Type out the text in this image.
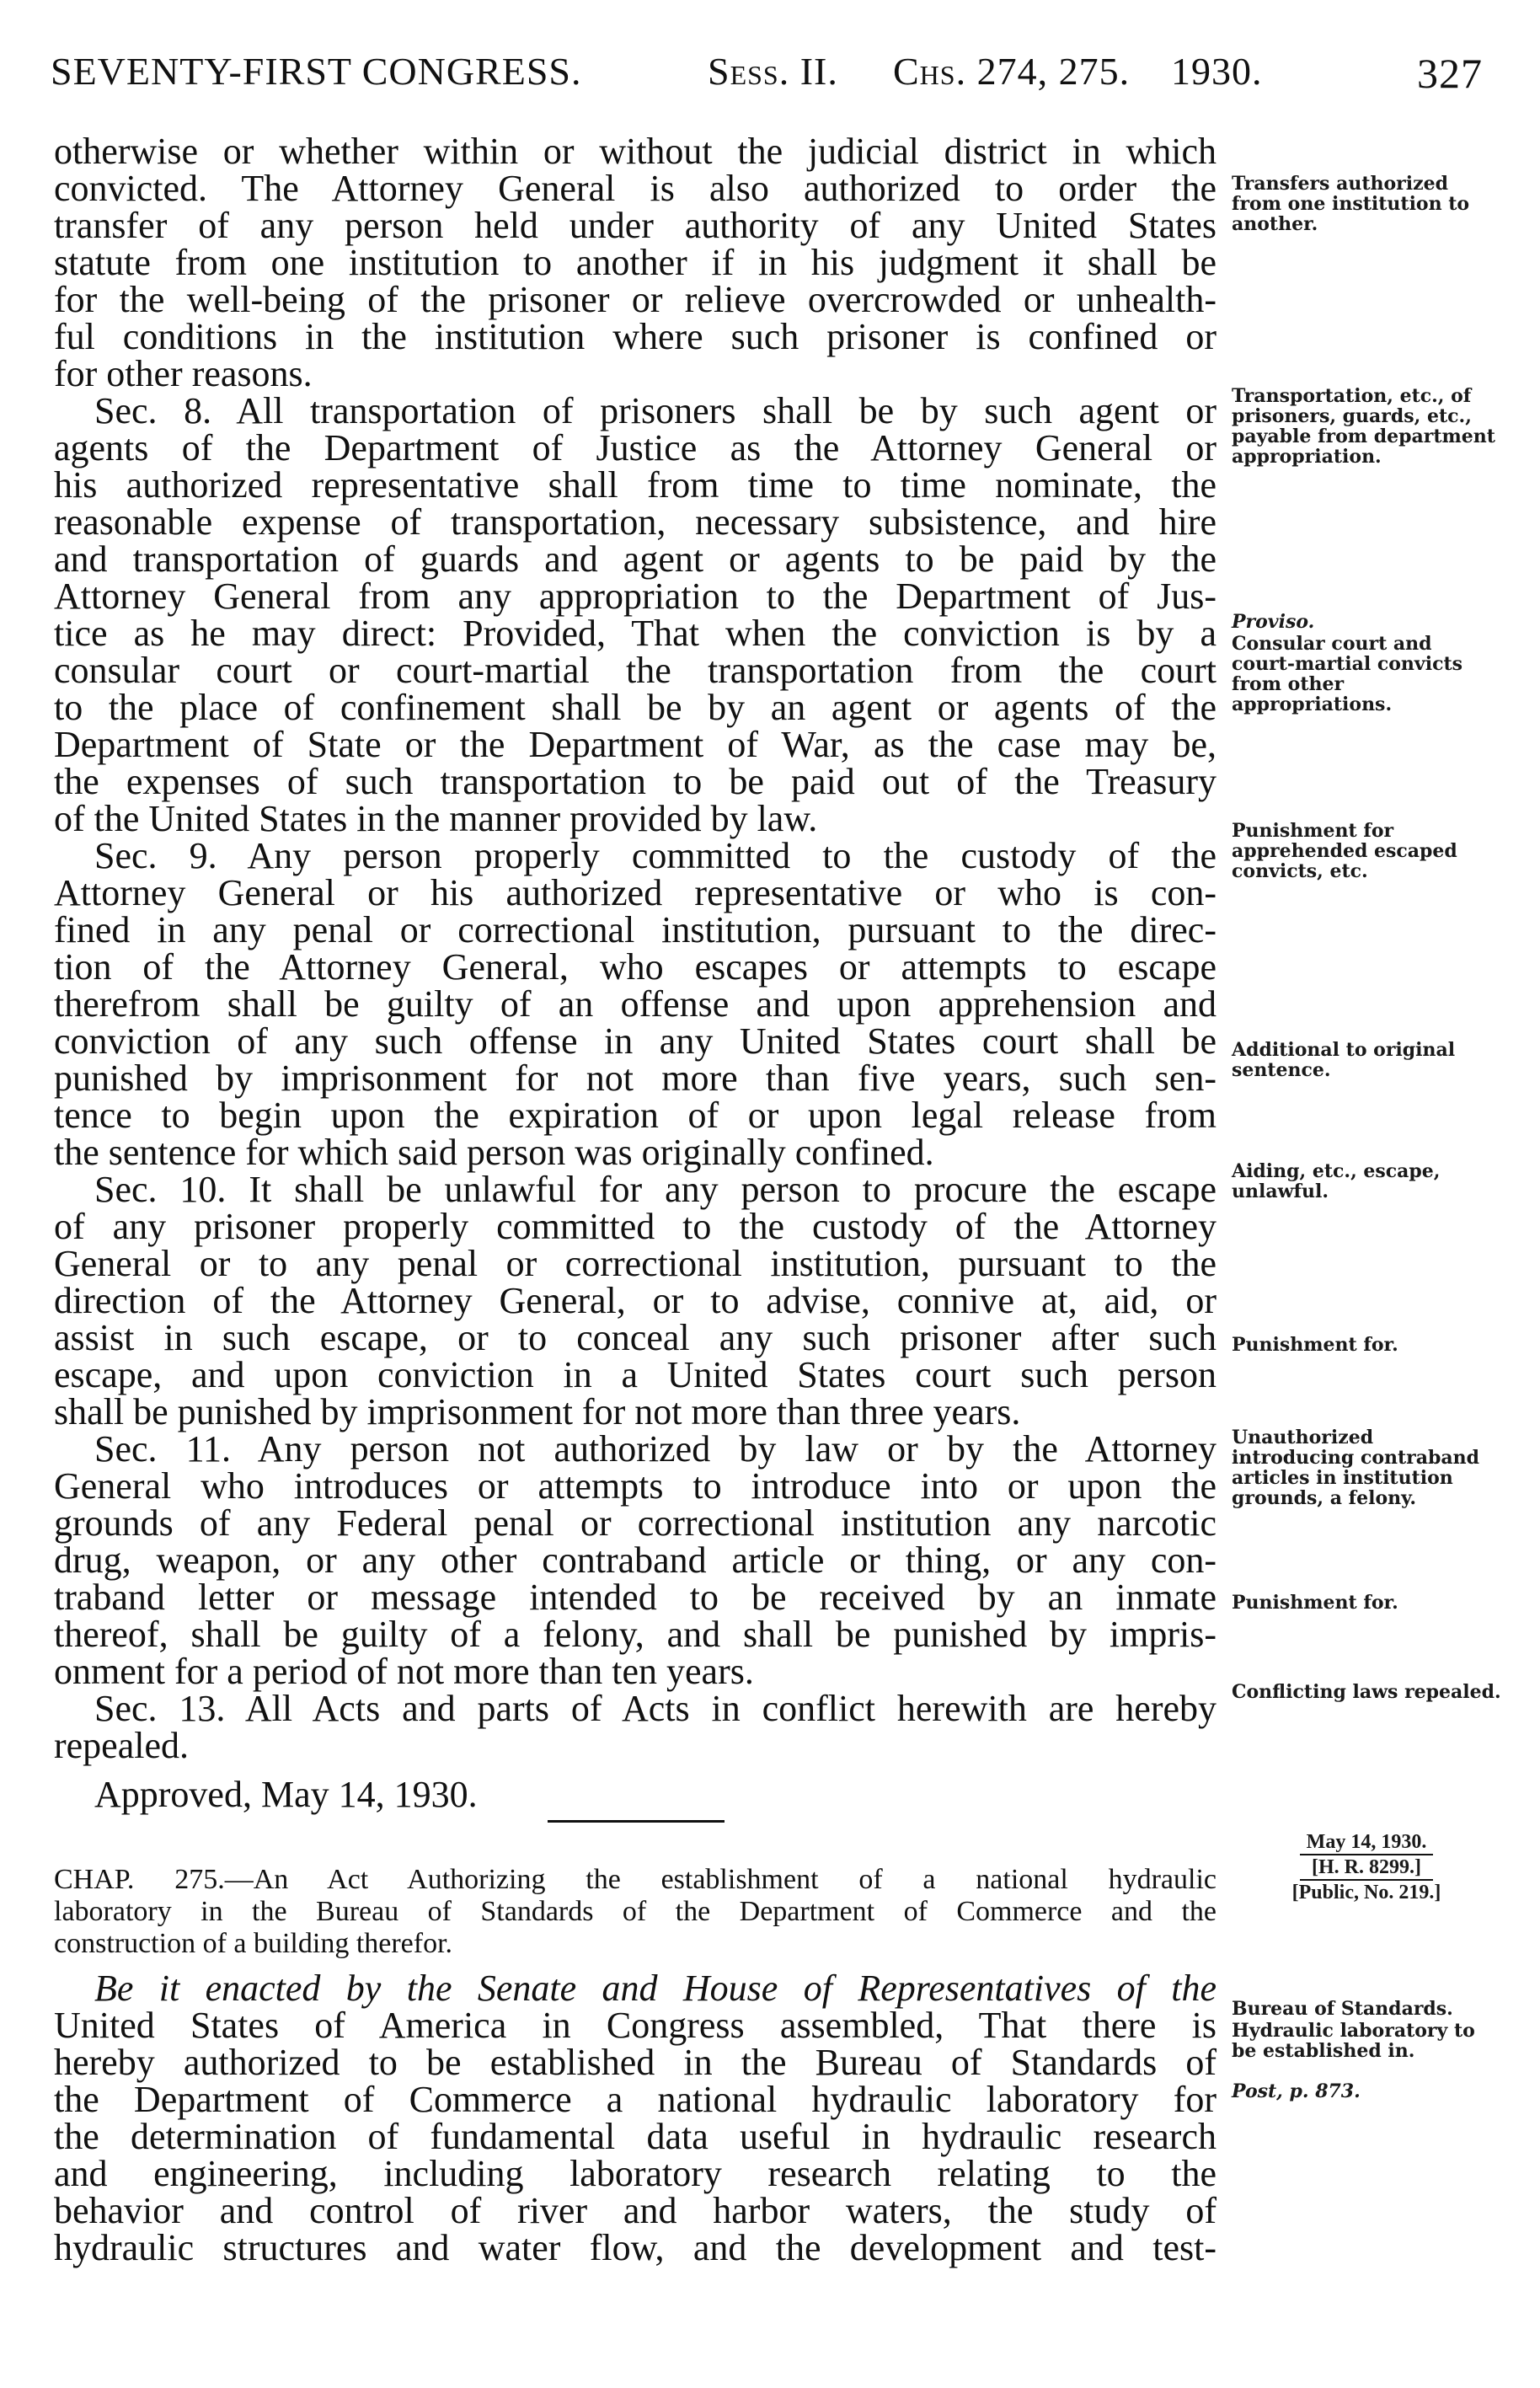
SEVENTY-FIRST CONGRESS.	Sess. II. Chs. 274, 275. 1930.	327
otherwise or whether within or without the judicial district in which
convicted. The Attorney General is also authorized to order the
transfer of any person held under authority of any United States
statute from one institution to another if in his judgment it shall be
for the well-being of the prisoner or relieve overcrowded or unhealth-
ful conditions in the institution where such prisoner is confined or
for other reasons.
Sec. 8. All transportation of prisoners shall be by such agent or
agents of the Department of Justice as the Attorney General or
his authorized representative shall from time to time nominate, the
reasonable expense of transportation, necessary subsistence, and hire
and transportation of guards and agent or agents to be paid by the
Attorney General from any appropriation to the Department of Jus-
tice as he may direct: Provided, That when the conviction is by a
consular court or court-martial the transportation from the court
to the place of confinement shall be by an agent or agents of the
Department of State or the Department of War, as the case may be,
the expenses of such transportation to be paid out of the Treasury
of the United States in the manner provided by law.
Sec. 9. Any person properly committed to the custody of the
Attorney General or his authorized representative or who is con-
fined in any penal or correctional institution, pursuant to the direc-
tion of the Attorney General, who escapes or attempts to escape
therefrom shall be guilty of an offense and upon apprehension and
conviction of any such offense in any United States court shall be
punished by imprisonment for not more than five years, such sen-
tence to begin upon the expiration of or upon legal release from
the sentence for which said person was originally confined.
Sec. 10. It shall be unlawful for any person to procure the escape
of any prisoner properly committed to the custody of the Attorney
General or to any penal or correctional institution, pursuant to the
direction of the Attorney General, or to advise, connive at, aid, or
assist in such escape, or to conceal any such prisoner after such
escape, and upon conviction in a United States court such person
shall be punished by imprisonment for not more than three years.
Sec. 11. Any person not authorized by law or by the Attorney
General who introduces or attempts to introduce into or upon the
grounds of any Federal penal or correctional institution any narcotic
drug, weapon, or any other contraband article or thing, or any con-
traband letter or message intended to be received by an inmate
thereof, shall be guilty of a felony, and shall be punished by impris-
onment for a period of not more than ten years.
Sec. 13. All Acts and parts of Acts in conflict herewith are hereby
repealed.
Approved, May 14, 1930.
Transfers authorized from one institution to another.
Transportation, etc., of prisoners, guards, etc., payable from department appropriation.
Proviso.
Consular court and court-martial convicts from other appropriations.
Punishment for apprehended escaped convicts, etc.
Additional to original sentence.
Aiding, etc., escape, unlawful.
Punishment for.
Unauthorized introducing contraband articles in institution grounds, a felony.
Punishment for.
Conflicting laws repealed.
Bureau of Standards.
Hydraulic laboratory to be established in.
Post, p. 873.
May 14, 1930.
[H. R. 8299.]
[Public, No. 219.]
CHAP. 275.—An Act Authorizing the establishment of a national hydraulic
laboratory in the Bureau of Standards of the Department of Commerce and the
construction of a building therefor.
Be it enacted by the Senate and House of Representatives of the
United States of America in Congress assembled, That there is
hereby authorized to be established in the Bureau of Standards of
the Department of Commerce a national hydraulic laboratory for
the determination of fundamental data useful in hydraulic research
and engineering, including laboratory research relating to the
behavior and control of river and harbor waters, the study of
hydraulic structures and water flow, and the development and test-
